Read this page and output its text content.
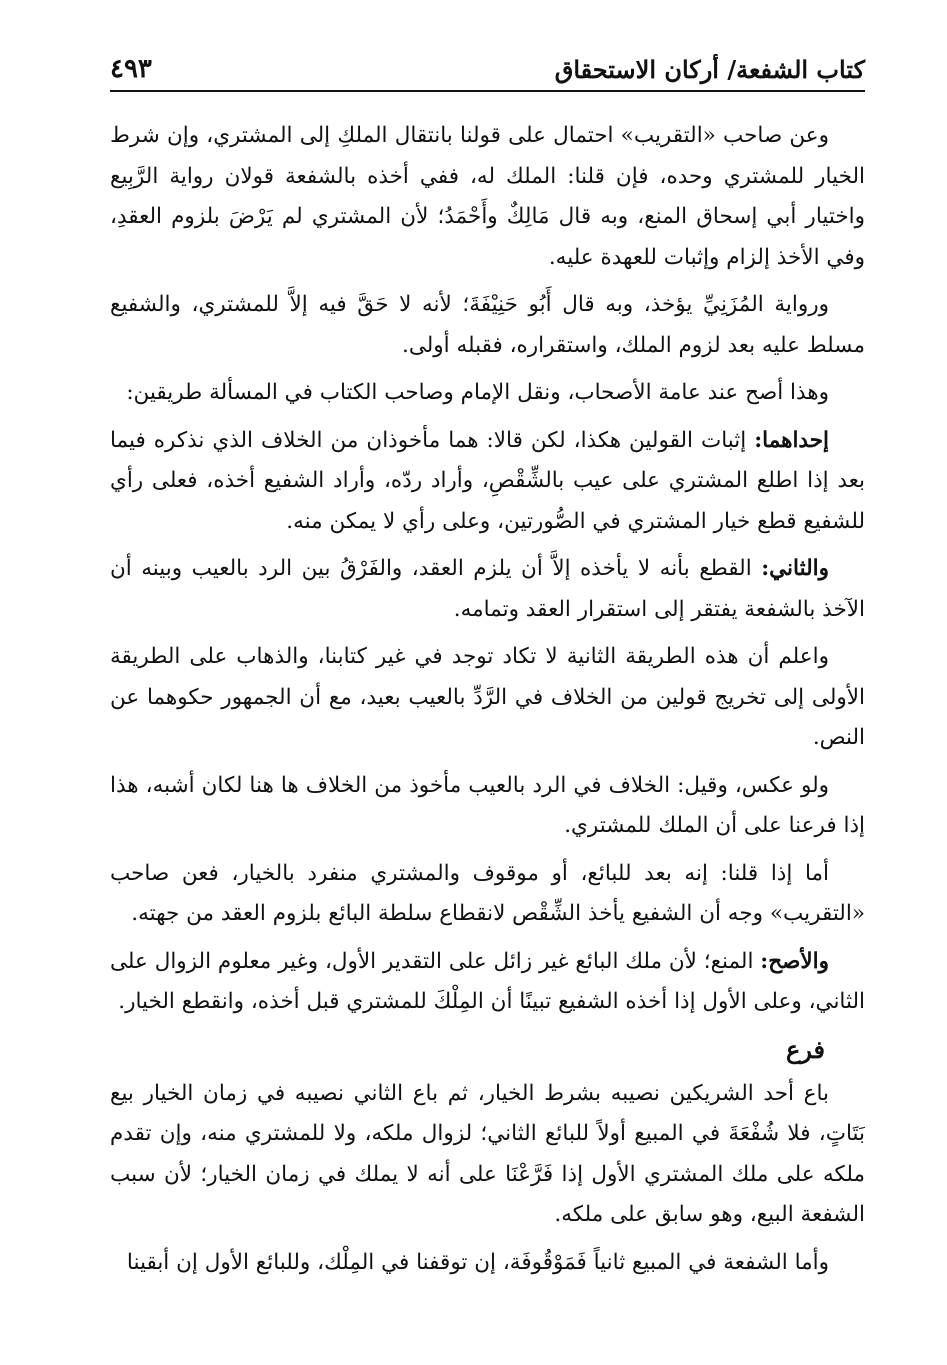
كتاب الشفعة/ أركان الاستحقاق
٤٩٣

وعن صاحب «التقريب» احتمال على قولنا بانتقال الملكِ إلى المشتري، وإن شرط الخيار للمشتري وحده، فإن قلنا: الملك له، ففي أخذه بالشفعة قولان رواية الرَّبِيع واختيار أبي إسحاق المنع، وبه قال مَالِكٌ وأَحْمَدُ؛ لأن المشتري لم يَرْضَ بلزوم العقدِ، وفي الأخذ إلزام وإثبات للعهدة عليه.

ورواية المُزَنِيِّ يؤخذ، وبه قال أَبُو حَنِيْفَةَ؛ لأنه لا حَقَّ فيه إلاَّ للمشتري، والشفيع مسلط عليه بعد لزوم الملك، واستقراره، فقبله أولى.

وهذا أصح عند عامة الأصحاب، ونقل الإمام وصاحب الكتاب في المسألة طريقين:

إحداهما: إثبات القولين هكذا، لكن قالا: هما مأخوذان من الخلاف الذي نذكره فيما بعد إذا اطلع المشتري على عيب بالشِّقْصِ، وأراد ردّه، وأراد الشفيع أخذه، فعلى رأي للشفيع قطع خيار المشتري في الصُّورتين، وعلى رأي لا يمكن منه.

والثاني: القطع بأنه لا يأخذه إلاَّ أن يلزم العقد، والفَرْقُ بين الرد بالعيب وبينه أن الآخذ بالشفعة يفتقر إلى استقرار العقد وتمامه.

واعلم أن هذه الطريقة الثانية لا تكاد توجد في غير كتابنا، والذهاب على الطريقة الأولى إلى تخريج قولين من الخلاف في الرَّدِّ بالعيب بعيد، مع أن الجمهور حكوهما عن النص.

ولو عكس، وقيل: الخلاف في الرد بالعيب مأخوذ من الخلاف ها هنا لكان أشبه، هذا إذا فرعنا على أن الملك للمشتري.

أما إذا قلنا: إنه بعد للبائع، أو موقوف والمشتري منفرد بالخيار، فعن صاحب «التقريب» وجه أن الشفيع يأخذ الشِّقْص لانقطاع سلطة البائع بلزوم العقد من جهته.

والأصح: المنع؛ لأن ملك البائع غير زائل على التقدير الأول، وغير معلوم الزوال على الثاني، وعلى الأول إذا أخذه الشفيع تبينًا أن المِلْكَ للمشتري قبل أخذه، وانقطع الخيار.

فرع

باع أحد الشريكين نصيبه بشرط الخيار، ثم باع الثاني نصيبه في زمان الخيار بيع بَتَاتٍ، فلا شُفْعَةَ في المبيع أولاً للبائع الثاني؛ لزوال ملكه، ولا للمشتري منه، وإن تقدم ملكه على ملك المشتري الأول إذا فَرَّعْنَا على أنه لا يملك في زمان الخيار؛ لأن سبب الشفعة البيع، وهو سابق على ملكه.

وأما الشفعة في المبيع ثانياً فَمَوْقُوفَة، إن توقفنا في المِلْك، وللبائع الأول إن أبقينا
